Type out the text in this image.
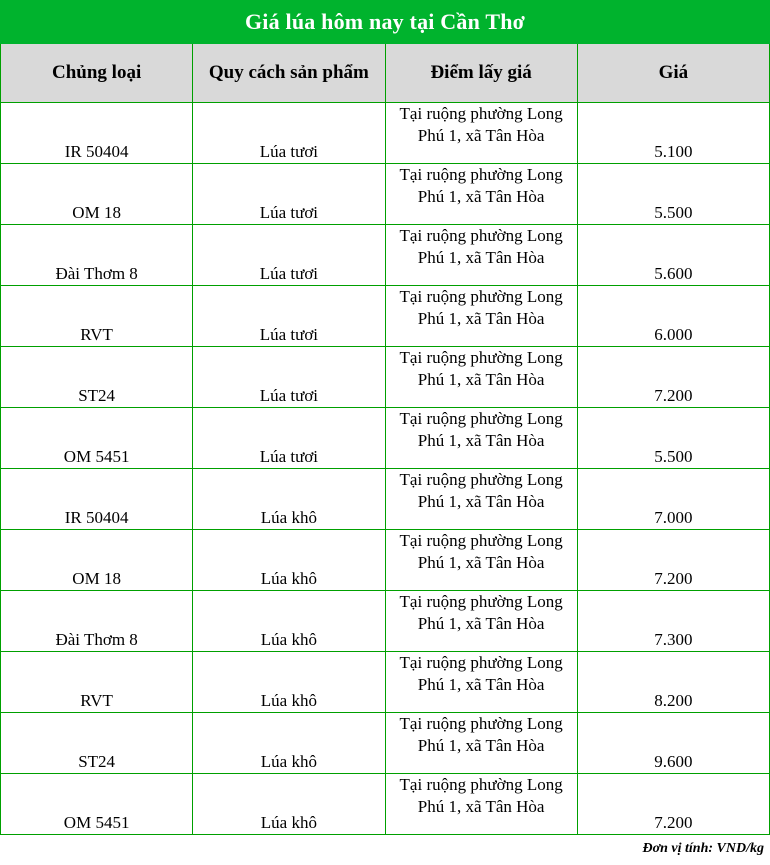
Giá lúa hôm nay tại Cần Thơ			
Chủng loại	Quy cách sản phẩm	Điểm lấy giá	Giá
IR 50404	Lúa tươi	Tại ruộng phường Long Phú 1, xã Tân Hòa	5.100
OM 18	Lúa tươi	Tại ruộng phường Long Phú 1, xã Tân Hòa	5.500
Đài Thơm 8	Lúa tươi	Tại ruộng phường Long Phú 1, xã Tân Hòa	5.600
RVT	Lúa tươi	Tại ruộng phường Long Phú 1, xã Tân Hòa	6.000
ST24	Lúa tươi	Tại ruộng phường Long Phú 1, xã Tân Hòa	7.200
OM 5451	Lúa tươi	Tại ruộng phường Long Phú 1, xã Tân Hòa	5.500
IR 50404	Lúa khô	Tại ruộng phường Long Phú 1, xã Tân Hòa	7.000
OM 18	Lúa khô	Tại ruộng phường Long Phú 1, xã Tân Hòa	7.200
Đài Thơm 8	Lúa khô	Tại ruộng phường Long Phú 1, xã Tân Hòa	7.300
RVT	Lúa khô	Tại ruộng phường Long Phú 1, xã Tân Hòa	8.200
ST24	Lúa khô	Tại ruộng phường Long Phú 1, xã Tân Hòa	9.600
OM 5451	Lúa khô	Tại ruộng phường Long Phú 1, xã Tân Hòa	7.200
Đơn vị tính: VND/kg
